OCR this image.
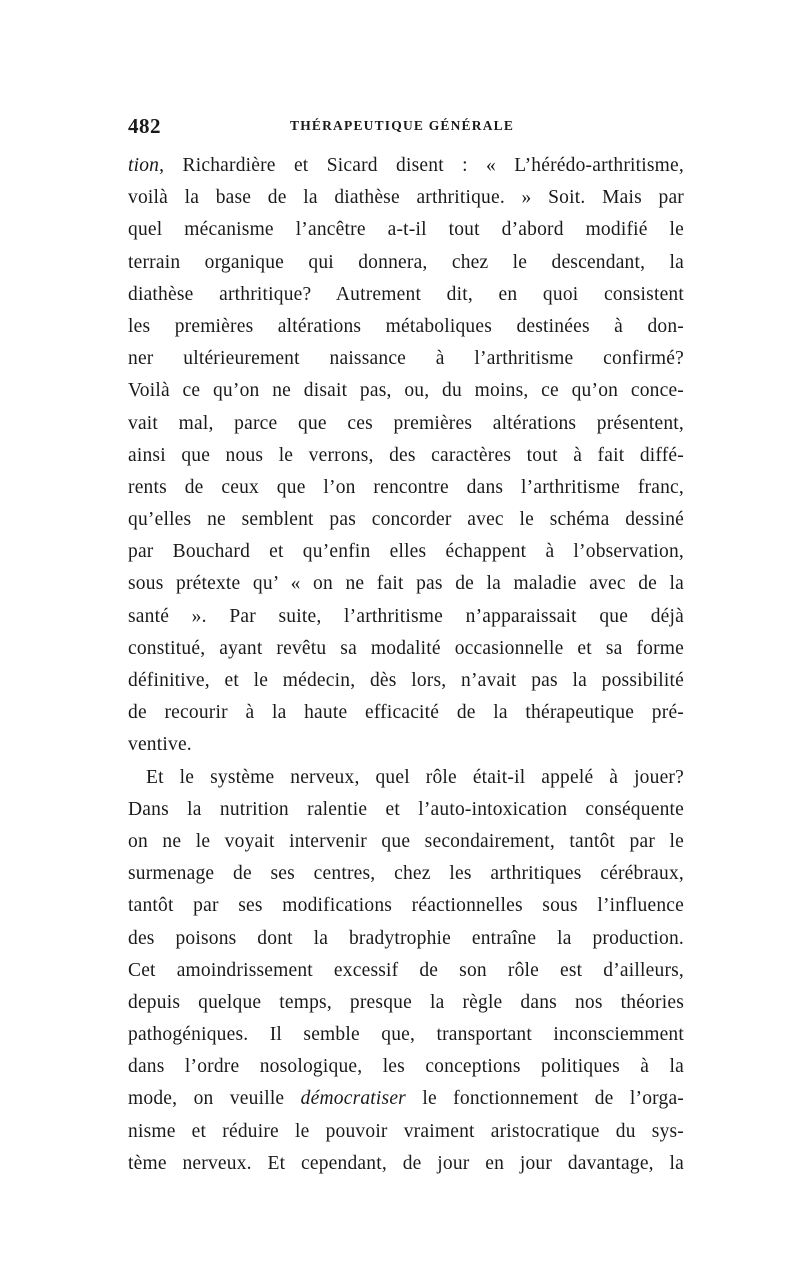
482	THÉRAPEUTIQUE GÉNÉRALE
tion, Richardière et Sicard disent : « L’hérédo-arthritisme,
voilà la base de la diathèse arthritique. » Soit. Mais par
quel mécanisme l’ancêtre a-t-il tout d’abord modifié le
terrain organique qui donnera, chez le descendant, la
diathèse arthritique? Autrement dit, en quoi consistent
les premières altérations métaboliques destinées à don-
ner ultérieurement naissance à l’arthritisme confirmé?
Voilà ce qu’on ne disait pas, ou, du moins, ce qu’on conce-
vait mal, parce que ces premières altérations présentent,
ainsi que nous le verrons, des caractères tout à fait diffé-
rents de ceux que l’on rencontre dans l’arthritisme franc,
qu’elles ne semblent pas concorder avec le schéma dessiné
par Bouchard et qu’enfin elles échappent à l’observation,
sous prétexte qu’ « on ne fait pas de la maladie avec de la
santé ». Par suite, l’arthritisme n’apparaissait que déjà
constitué, ayant revêtu sa modalité occasionnelle et sa forme
définitive, et le médecin, dès lors, n’avait pas la possibilité
de recourir à la haute efficacité de la thérapeutique pré-
ventive.
Et le système nerveux, quel rôle était-il appelé à jouer?
Dans la nutrition ralentie et l’auto-intoxication conséquente
on ne le voyait intervenir que secondairement, tantôt par le
surmenage de ses centres, chez les arthritiques cérébraux,
tantôt par ses modifications réactionnelles sous l’influence
des poisons dont la bradytrophie entraîne la production.
Cet amoindrissement excessif de son rôle est d’ailleurs,
depuis quelque temps, presque la règle dans nos théories
pathogéniques. Il semble que, transportant inconsciemment
dans l’ordre nosologique, les conceptions politiques à la
mode, on veuille démocratiser le fonctionnement de l’orga-
nisme et réduire le pouvoir vraiment aristocratique du sys-
tème nerveux. Et cependant, de jour en jour davantage, la
